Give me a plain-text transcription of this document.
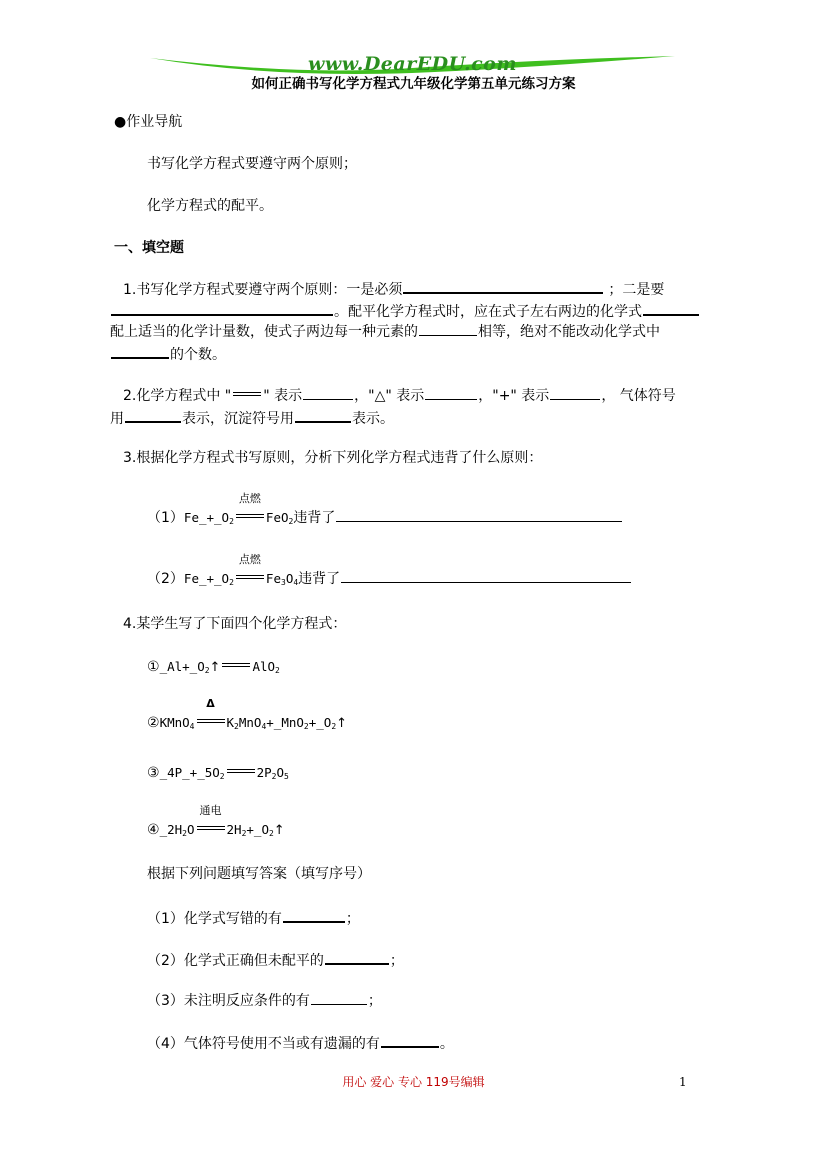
www.DearEDU.com
如何正确书写化学方程式九年级化学第五单元练习方案
●作业导航
书写化学方程式要遵守两个原则；
化学方程式的配平。
一、填空题
1.书写化学方程式要遵守两个原则：一是必须	；二是要
。配平化学方程式时，应在式子左右两边的化学式
配上适当的化学计量数，使式子两边每一种元素的	相等，绝对不能改动化学式中
的个数。
2.化学方程式中 " " 表示	，"△" 表示	，"+" 表示	， 气体符号
用	表示，沉淀符号用	表示。
3.根据化学方程式书写原则，分析下列化学方程式违背了什么原则：
$(1)Fe\_+\_O_2$
点燃
FeO$_2$违背了
$(2)Fe\_+\_O_2$
点燃
$Fe_3O_4$违背了
4.某学生写了下面四个化学方程式：
$①\_Al+\_O_2↑$	AlO$_2$
②KMnO$_4$
Δ
$K_2MnO_4+\_MnO_2+\_O_2↑$
$③\_4P\_+\_5O_2$	$2P_2O_5$
$④\_2H_2O$
通电
$2H_2+\_O_2↑$
根据下列问题填写答案（填写序号）
（1）化学式写错的有	；
（2）化学式正确但未配平的	；
（3）未注明反应条件的有	；
（4）气体符号使用不当或有遗漏的有	。
用心 爱心 专心 119号编辑	1
